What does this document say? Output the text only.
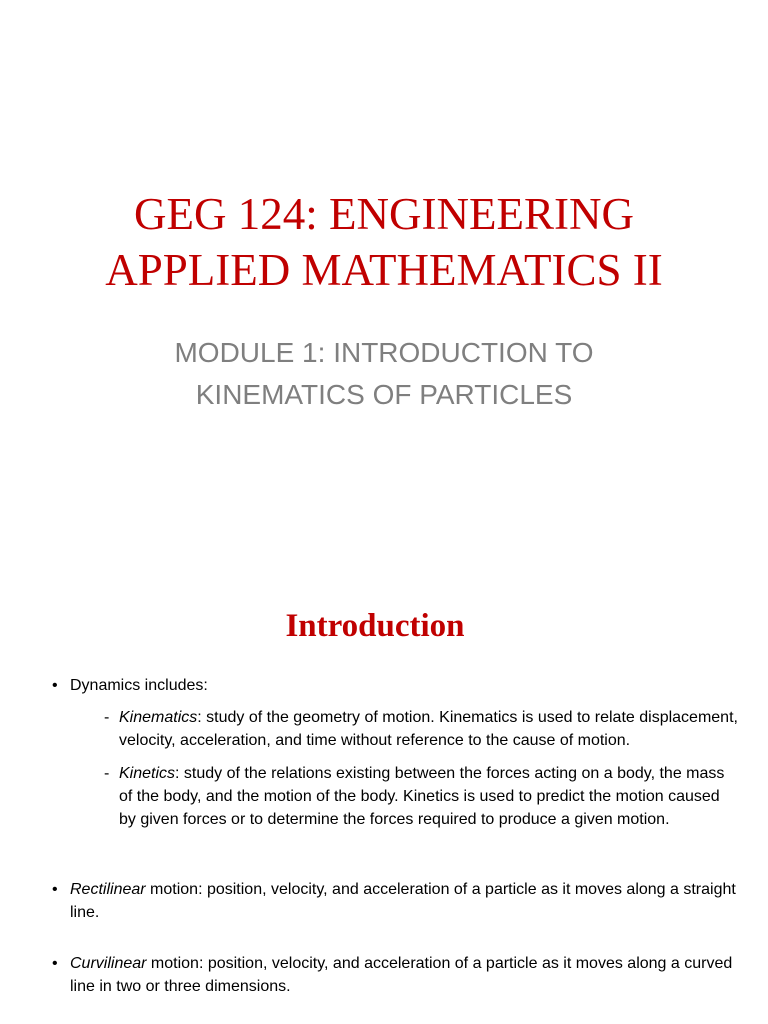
GEG 124: ENGINEERING
APPLIED MATHEMATICS II
MODULE 1: INTRODUCTION TO
KINEMATICS OF PARTICLES
Introduction
• Dynamics includes:
- Kinematics: study of the geometry of motion. Kinematics is used to relate displacement, velocity, acceleration, and time without reference to the cause of motion.
- Kinetics: study of the relations existing between the forces acting on a body, the mass of the body, and the motion of the body. Kinetics is used to predict the motion caused by given forces or to determine the forces required to produce a given motion.
• Rectilinear motion: position, velocity, and acceleration of a particle as it moves along a straight line.
• Curvilinear motion: position, velocity, and acceleration of a particle as it moves along a curved line in two or three dimensions.
